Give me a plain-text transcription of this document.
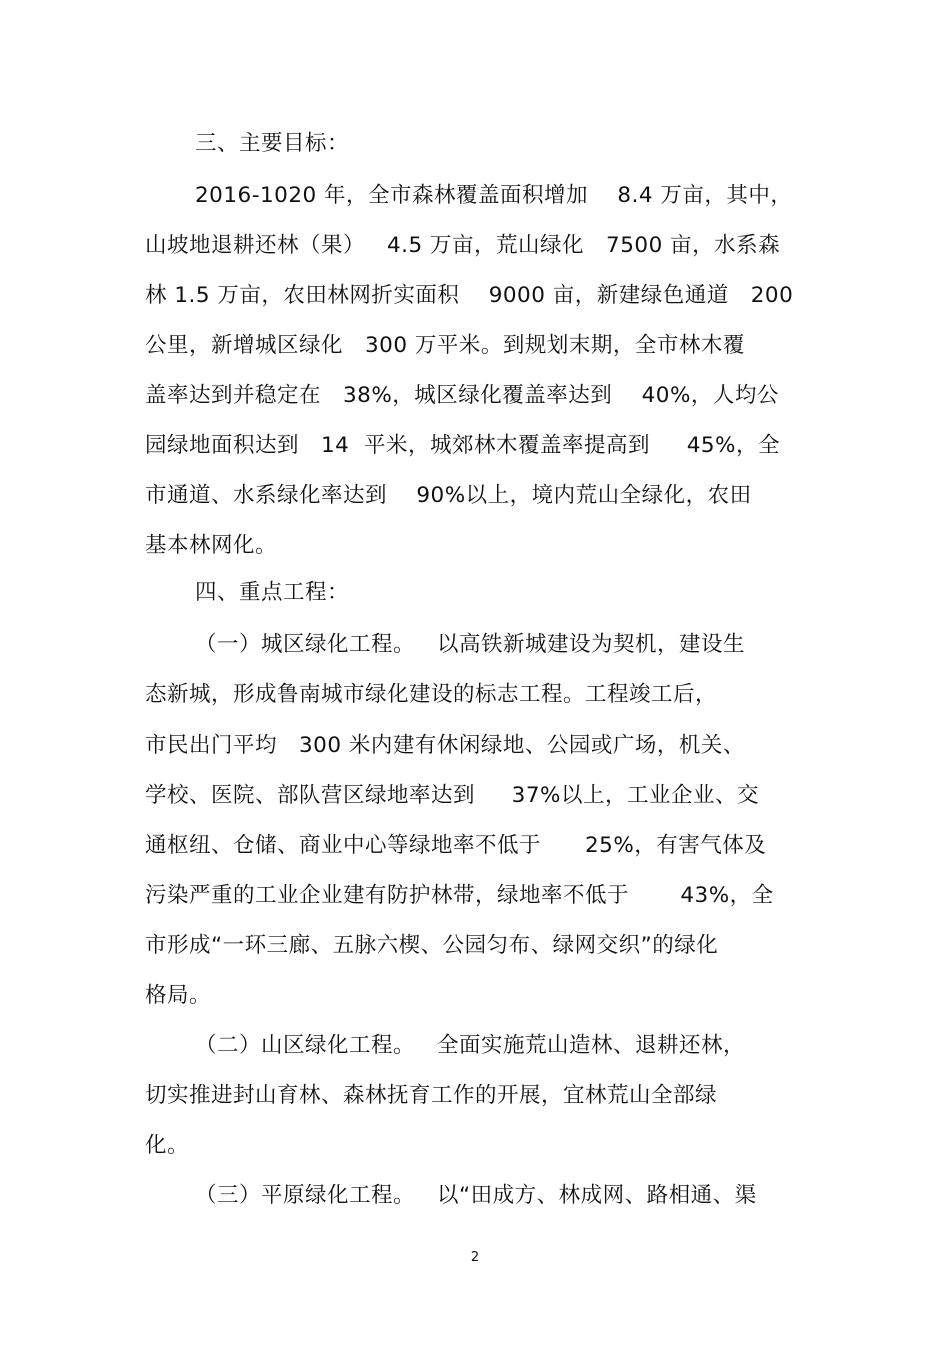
三、主要目标：
2016-1020 年，全市森林覆盖面积增加    8.4 万亩，其中，
山坡地退耕还林（果）   4.5 万亩，荒山绿化   7500 亩，水系森
林 1.5 万亩，农田林网折实面积    9000 亩，新建绿色通道   200
公里，新增城区绿化   300 万平米。到规划末期，全市林木覆
盖率达到并稳定在   38%，城区绿化覆盖率达到    40%，人均公
园绿地面积达到   14  平米，城郊林木覆盖率提高到     45%，全
市通道、水系绿化率达到    90%以上，境内荒山全绿化，农田
基本林网化。
四、重点工程：
（一）城区绿化工程。   以高铁新城建设为契机，建设生
态新城，形成鲁南城市绿化建设的标志工程。工程竣工后，
市民出门平均   300 米内建有休闲绿地、公园或广场，机关、
学校、医院、部队营区绿地率达到     37%以上，工业企业、交
通枢纽、仓储、商业中心等绿地率不低于      25%，有害气体及
污染严重的工业企业建有防护林带，绿地率不低于       43%，全
市形成“一环三廊、五脉六楔、公园匀布、绿网交织”的绿化
格局。
（二）山区绿化工程。   全面实施荒山造林、退耕还林，
切实推进封山育林、森林抚育工作的开展，宜林荒山全部绿
化。
（三）平原绿化工程。   以“田成方、林成网、路相通、渠
2
